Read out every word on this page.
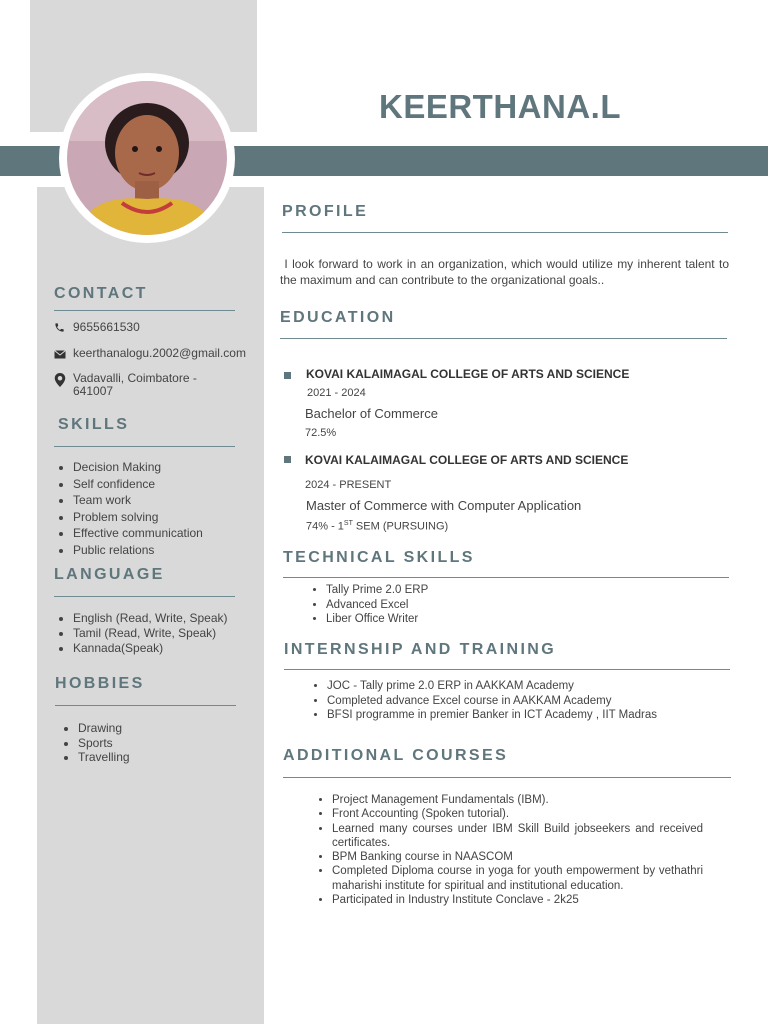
KEERTHANA.L
CONTACT
9655661530
keerthanalogu.2002@gmail.com
Vadavalli, Coimbatore -
641007
SKILLS
• Decision Making
• Self confidence
• Team work
• Problem solving
• Effective communication
• Public relations
LANGUAGE
• English (Read, Write, Speak)
• Tamil (Read, Write, Speak)
• Kannada(Speak)
HOBBIES
• Drawing
• Sports
• Travelling
PROFILE
I look forward to work in an organization, which would utilize my inherent talent to the maximum and can contribute to the organizational goals..
EDUCATION
KOVAI KALAIMAGAL COLLEGE OF ARTS AND SCIENCE
2021 - 2024
Bachelor of Commerce
72.5%
KOVAI KALAIMAGAL COLLEGE OF ARTS AND SCIENCE
2024 - PRESENT
Master of Commerce with Computer Application
74% - 1ST SEM (PURSUING)
TECHNICAL SKILLS
• Tally Prime 2.0 ERP
• Advanced Excel
• Liber Office Writer
INTERNSHIP AND TRAINING
• JOC - Tally prime 2.0 ERP in AAKKAM Academy
• Completed advance Excel course in AAKKAM Academy
• BFSI programme in premier Banker in ICT Academy , IIT Madras
ADDITIONAL COURSES
• Project Management Fundamentals (IBM).
• Front Accounting (Spoken tutorial).
• Learned many courses under IBM Skill Build jobseekers and received certificates.
• BPM Banking course in NAASCOM
• Completed Diploma course in yoga for youth empowerment by vethathri maharishi institute for spiritual and institutional education.
• Participated in Industry Institute Conclave - 2k25
